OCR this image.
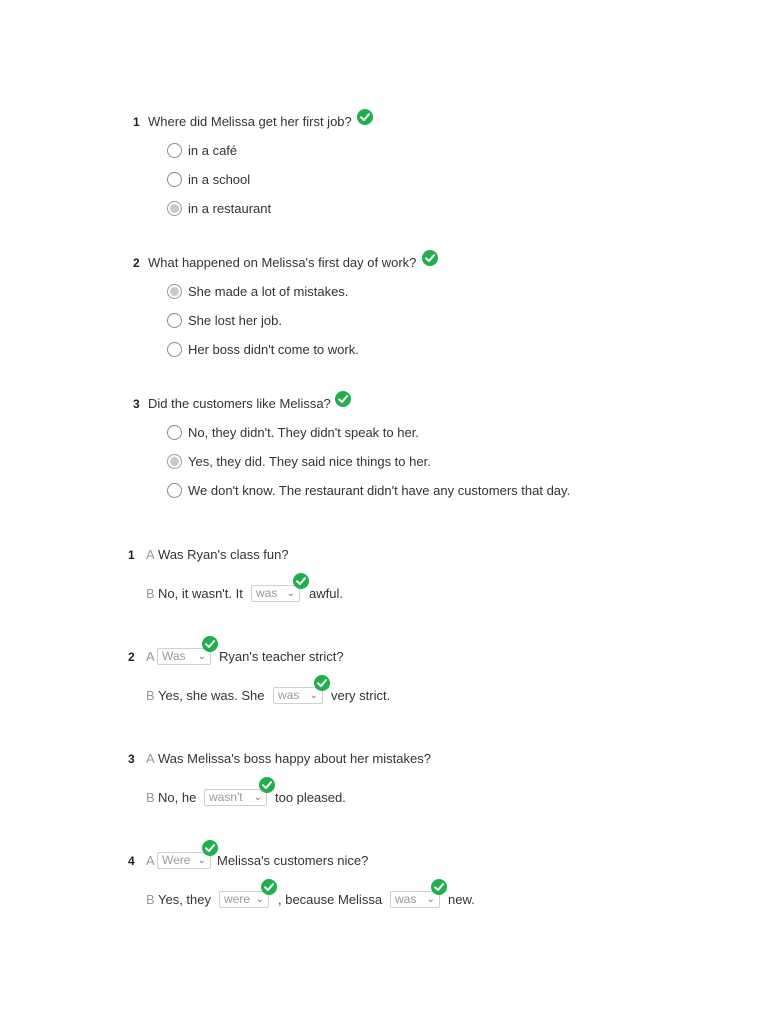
1 Where did Melissa get her first job?
in a café
in a school
in a restaurant
2 What happened on Melissa's first day of work?
She made a lot of mistakes.
She lost her job.
Her boss didn't come to work.
3 Did the customers like Melissa?
No, they didn't. They didn't speak to her.
Yes, they did. They said nice things to her.
We don't know. The restaurant didn't have any customers that day.
1 A Was Ryan's class fun?
B No, it wasn't. It	was ⌄ awful.
2 A Was ⌄ Ryan's teacher strict?
B Yes, she was. She	was ⌄ very strict.
3 A Was Melissa's boss happy about her mistakes?
B No, he	wasn't ⌄ too pleased.
4 A Were ⌄ Melissa's customers nice?
B Yes, they	were ⌄ , because Melissa	was ⌄ new.
